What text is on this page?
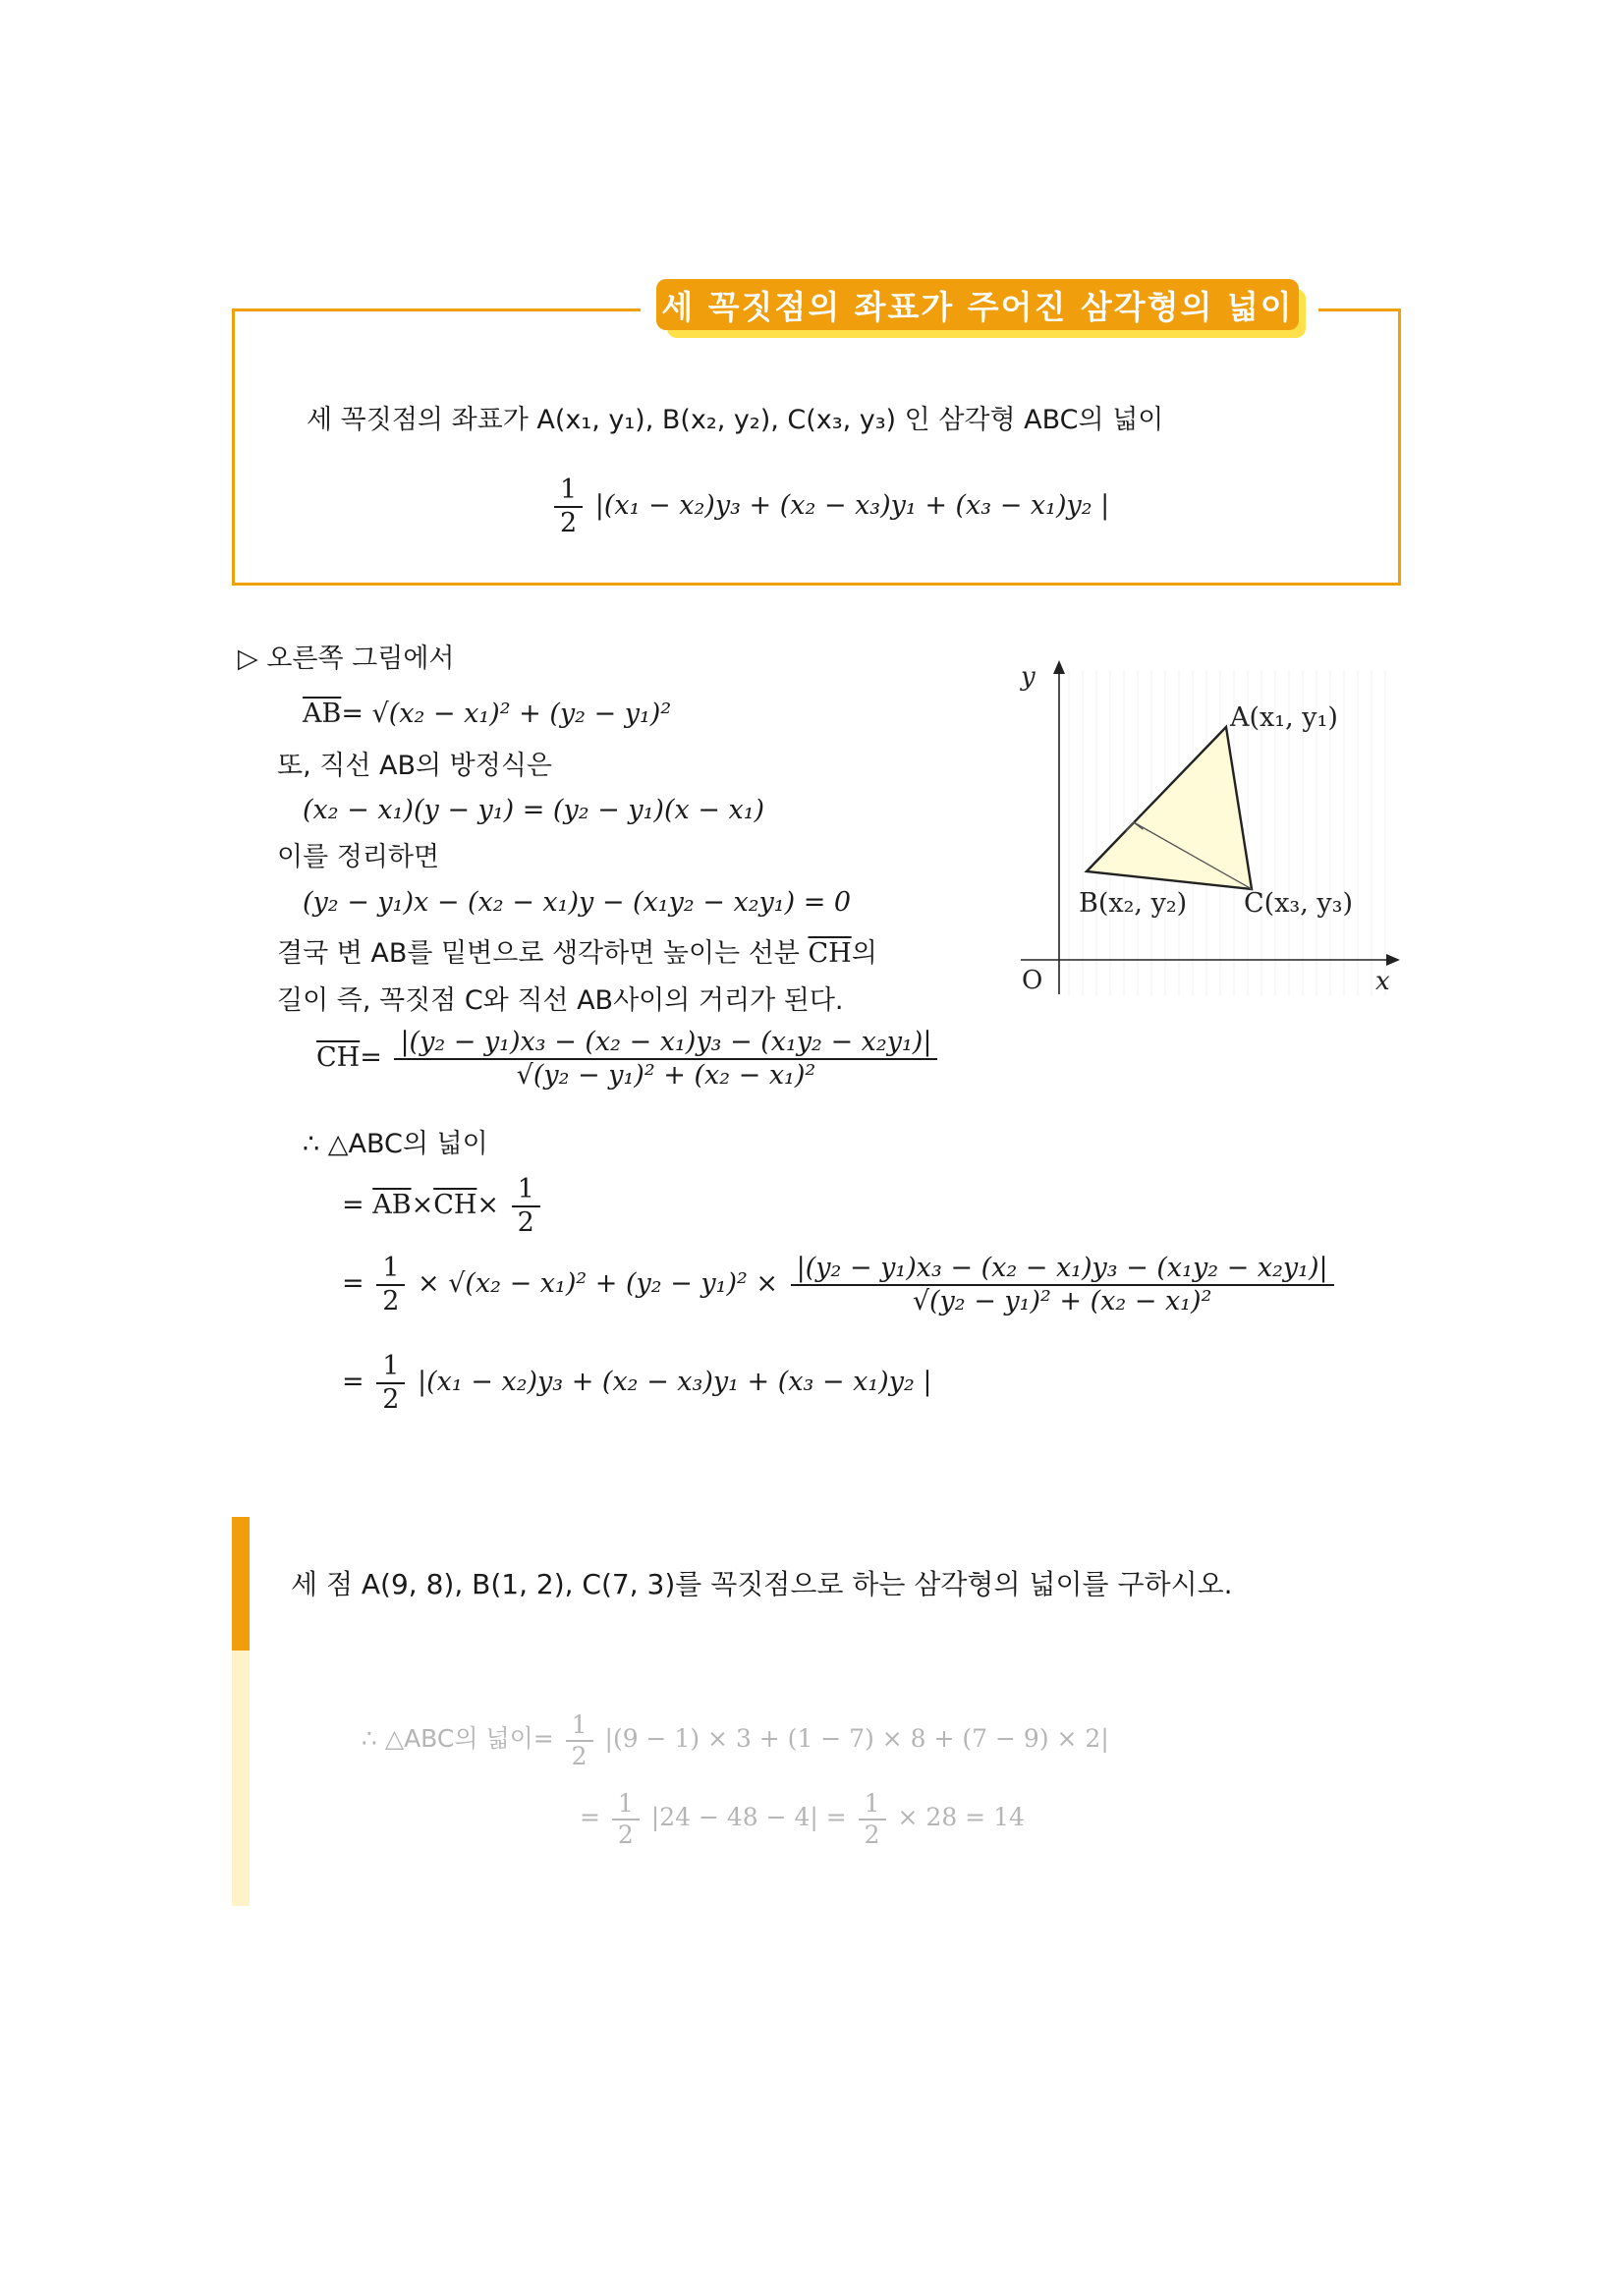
세 꼭짓점의 좌표가 주어진 삼각형의 넓이
세 꼭짓점의 좌표가 A(x₁, y₁), B(x₂, y₂), C(x₃, y₃) 인 삼각형 ABC의 넓이
$\frac{1}{2} |(x_1 - x_2)y_3 + (x_2 - x_3)y_1 + (x_3 - x_1)y_2$ |
▷ 오른쪽 그림에서
$\overline{AB}= √(x_2 - x_1)^2 + (y_2 - y_1)^2$
또, 직선 AB의 방정식은
(x₂ − x₁)(y − y₁) = (y₂ − y₁)(x − x₁)
이를 정리하면
(y₂ − y₁)x − (x₂ − x₁)y − (x₁y₂ − x₂y₁) = 0
결국 변 AB를 밑변으로 생각하면 높이는 선분 $\overline{CH}$의
길이 즉, 꼭짓점 C와 직선 AB사이의 거리가 된다.
$\overline{CH}= \frac{\text{|(y₂ − y₁)x₃ − (x₂ − x₁)y₃ − (x₁y₂ − x₂y₁)|}}{\text{√(y₂ − y₁)² + (x₂ − x₁)²}}$
∴ △ABC의 넓이
= $\overline{AB}\times\overline{CH}\times \frac{1}{2}$
= $\frac{1}{2} \times √(x_2 - x_1)^2 + (y_2 - y_1)^2 \times \frac{\text{|(y₂ − y₁)x₃ − (x₂ − x₁)y₃ − (x₁y₂ − x₂y₁)|}}{\text{√(y₂ − y₁)² + (x₂ − x₁)²}}$
= $\frac{1}{2} |(x_1 - x_2)y_3 + (x_2 - x_3)y_1 + (x_3 - x_1)y_2$ |
y
x
O
A(x₁, y₁)
B(x₂, y₂) C(x₃, y₃)
세 점 A(9, 8), B(1, 2), C(7, 3)를 꼭짓점으로 하는 삼각형의 넓이를 구하시오.
∴ △ABC의 넓이= $\frac{1}{2} |(9 - 1) \times 3 + (1 - 7) \times 8 + (7 - 9) \times 2|$
= $\frac{1}{2} |24 - 48 - 4| = \frac{1}{2} \times 28 = 14$
